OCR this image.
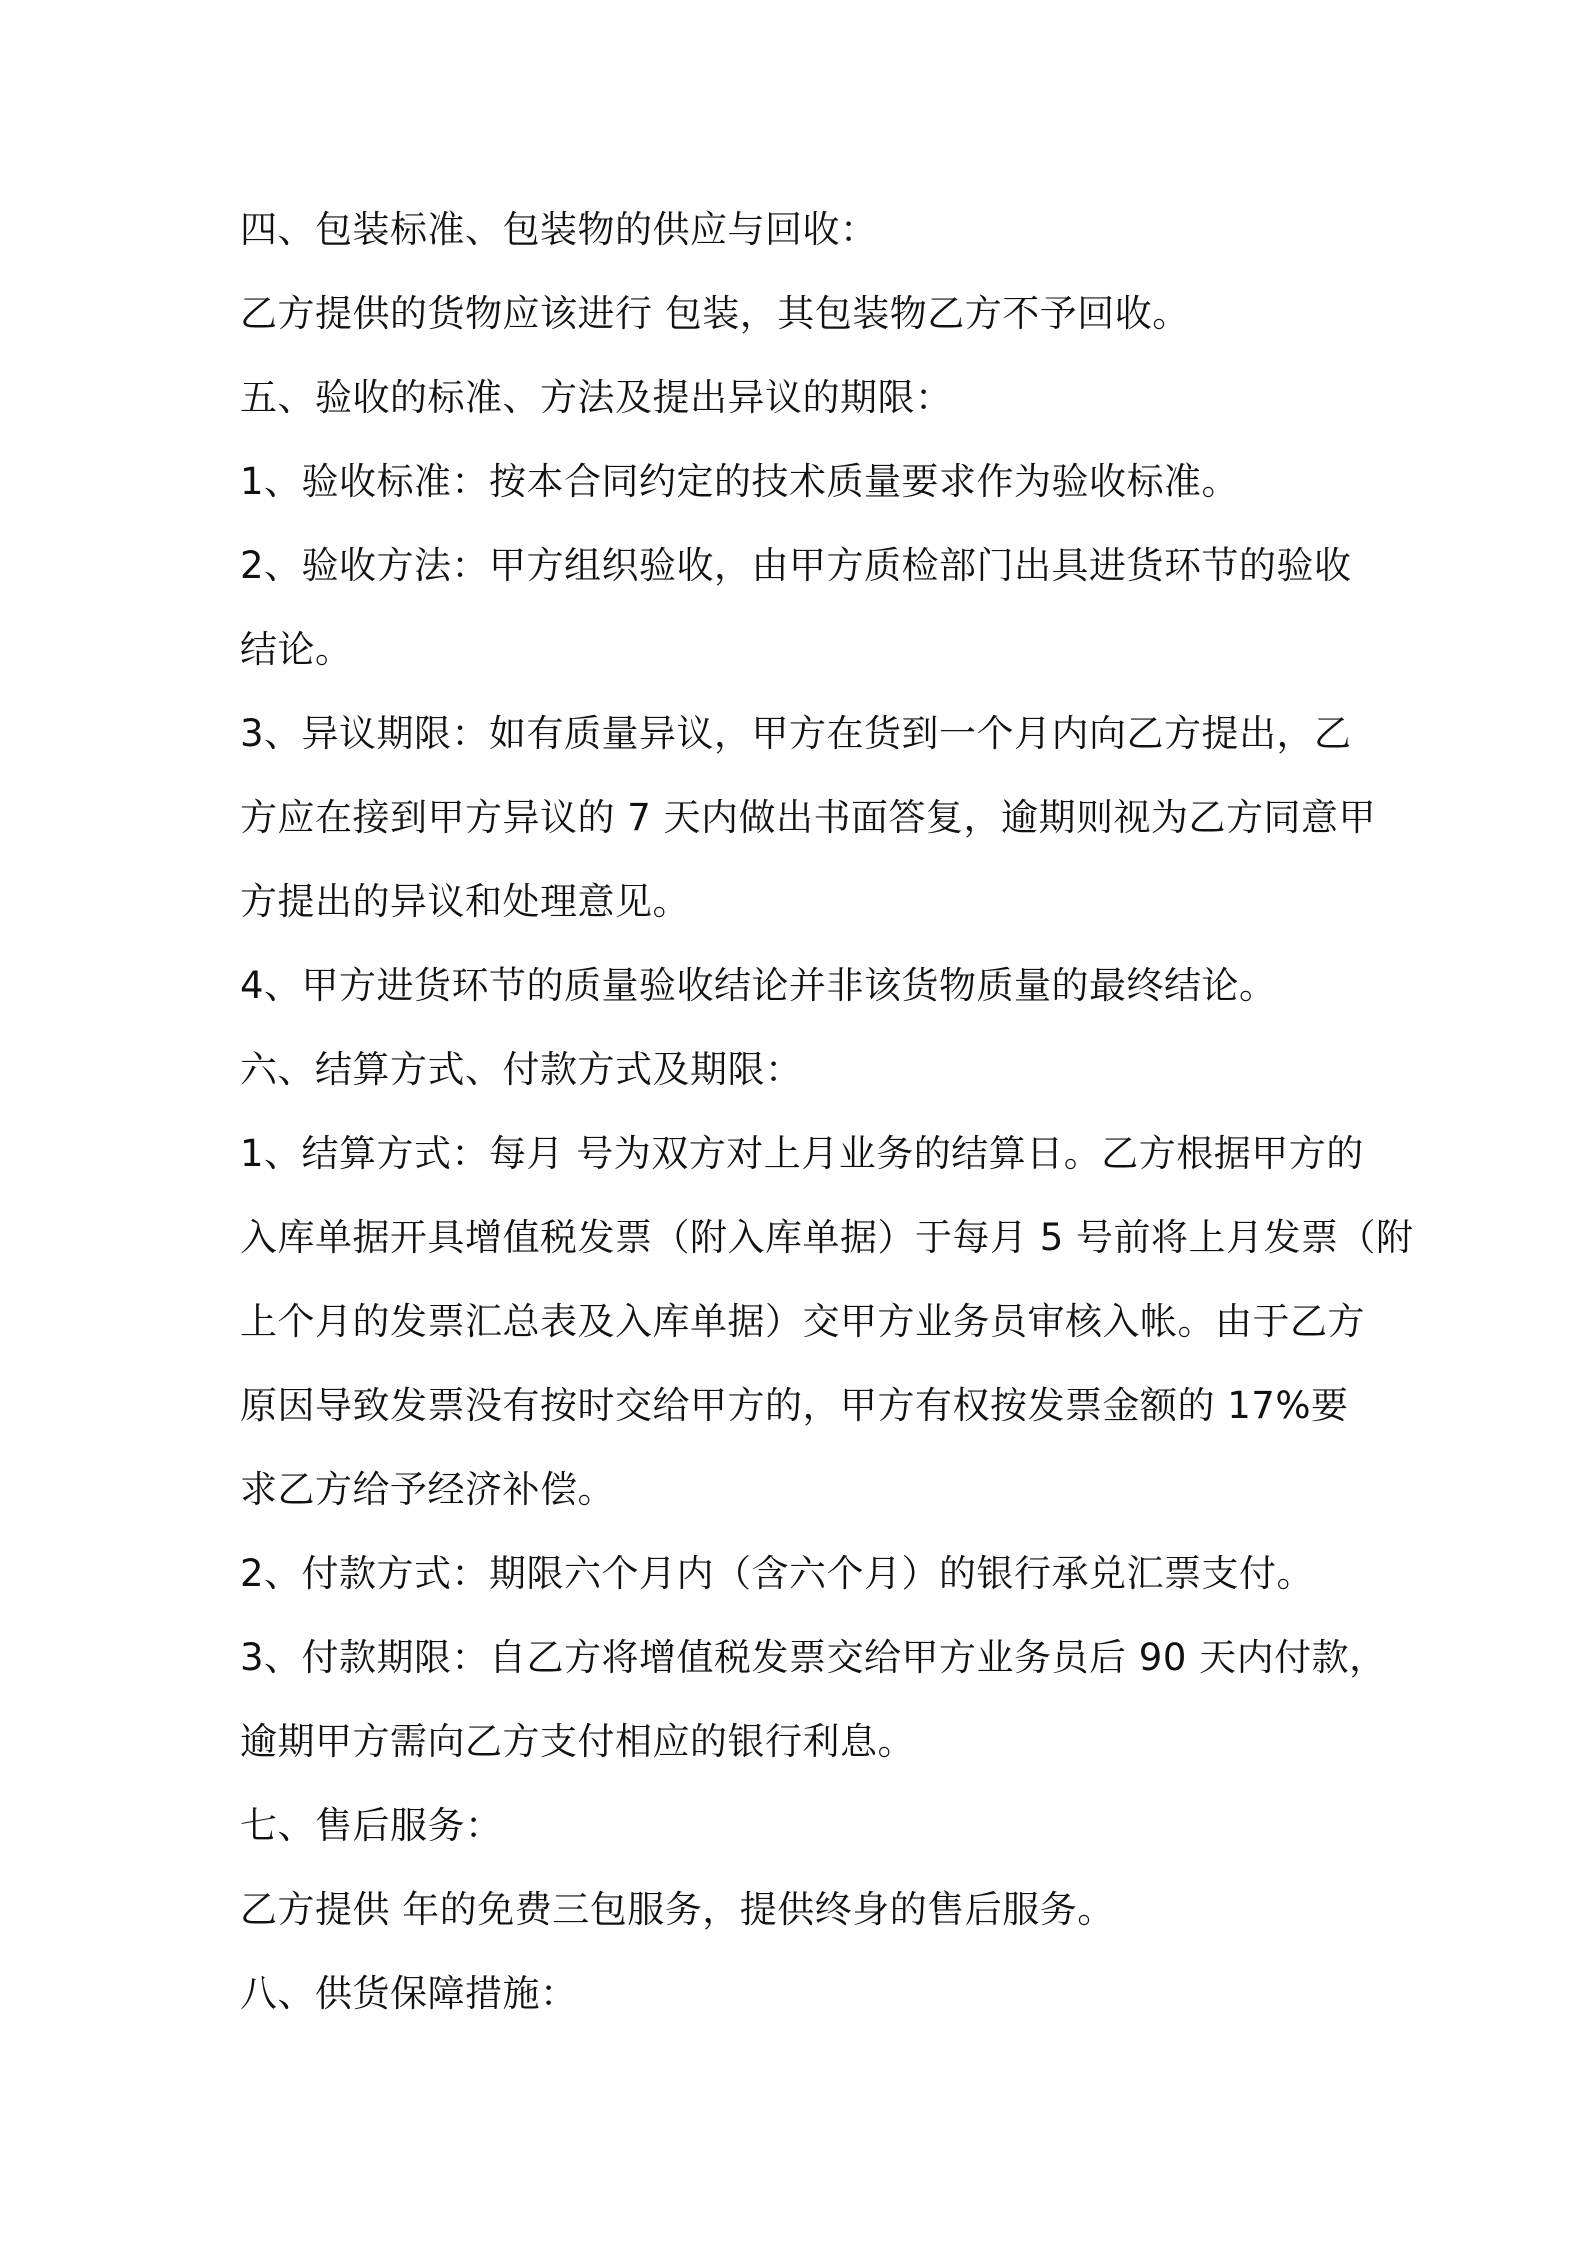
四、包装标准、包装物的供应与回收：
乙方提供的货物应该进行 包装，其包装物乙方不予回收。
五、验收的标准、方法及提出异议的期限：
1、验收标准：按本合同约定的技术质量要求作为验收标准。
2、验收方法：甲方组织验收，由甲方质检部门出具进货环节的验收
结论。
3、异议期限：如有质量异议，甲方在货到一个月内向乙方提出，乙
方应在接到甲方异议的 7 天内做出书面答复，逾期则视为乙方同意甲
方提出的异议和处理意见。
4、甲方进货环节的质量验收结论并非该货物质量的最终结论。
六、结算方式、付款方式及期限：
1、结算方式：每月 号为双方对上月业务的结算日。乙方根据甲方的
入库单据开具增值税发票（附入库单据）于每月 5 号前将上月发票（附
上个月的发票汇总表及入库单据）交甲方业务员审核入帐。由于乙方
原因导致发票没有按时交给甲方的，甲方有权按发票金额的 17%要
求乙方给予经济补偿。
2、付款方式：期限六个月内（含六个月）的银行承兑汇票支付。
3、付款期限：自乙方将增值税发票交给甲方业务员后 90 天内付款，
逾期甲方需向乙方支付相应的银行利息。
七、售后服务：
乙方提供 年的免费三包服务，提供终身的售后服务。
八、供货保障措施：
